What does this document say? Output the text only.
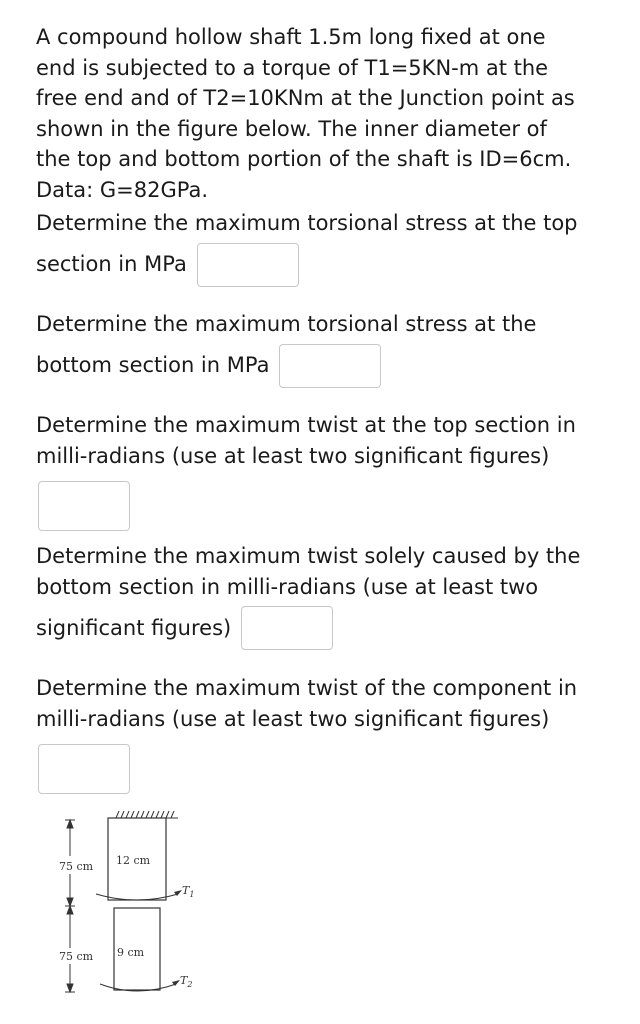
A compound hollow shaft 1.5m long fixed at one
end is subjected to a torque of T1=5KN-m at the
free end and of T2=10KNm at the Junction point as
shown in the figure below. The inner diameter of
the top and bottom portion of the shaft is ID=6cm.
Data: G=82GPa.
Determine the maximum torsional stress at the top
section in MPa
Determine the maximum torsional stress at the
bottom section in MPa
Determine the maximum twist at the top section in
milli-radians (use at least two significant figures)
Determine the maximum twist solely caused by the
bottom section in milli-radians (use at least two
significant figures)
Determine the maximum twist of the component in
milli-radians (use at least two significant figures)
75 cm
75 cm
12 cm
9 cm
$T_1$
$T_2$
